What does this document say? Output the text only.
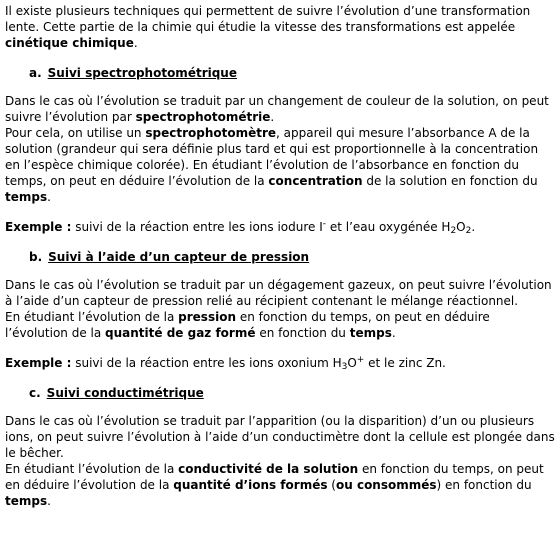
Il existe plusieurs techniques qui permettent de suivre l’évolution d’une transformation lente. Cette partie de la chimie qui étudie la vitesse des transformations est appelée cinétique chimique.

a. Suivi spectrophotométrique

Dans le cas où l’évolution se traduit par un changement de couleur de la solution, on peut suivre l’évolution par spectrophotométrie.

Pour cela, on utilise un spectrophotomètre, appareil qui mesure l’absorbance A de la solution (grandeur qui sera définie plus tard et qui est proportionnelle à la concentration en l’espèce chimique colorée). En étudiant l’évolution de l’absorbance en fonction du temps, on peut en déduire l’évolution de la concentration de la solution en fonction du temps.

Exemple : suivi de la réaction entre les ions iodure I- et l’eau oxygénée $H_2O_2$.

b. Suivi à l’aide d’un capteur de pression

Dans le cas où l’évolution se traduit par un dégagement gazeux, on peut suivre l’évolution à l’aide d’un capteur de pression relié au récipient contenant le mélange réactionnel.

En étudiant l’évolution de la pression en fonction du temps, on peut en déduire l’évolution de la quantité de gaz formé en fonction du temps.

Exemple : suivi de la réaction entre les ions oxonium $H_3O^+$ et le zinc Zn.

c. Suivi conductimétrique

Dans le cas où l’évolution se traduit par l’apparition (ou la disparition) d’un ou plusieurs ions, on peut suivre l’évolution à l’aide d’un conductimètre dont la cellule est plongée dans le bêcher.

En étudiant l’évolution de la conductivité de la solution en fonction du temps, on peut en déduire l’évolution de la quantité d’ions formés (ou consommés) en fonction du temps.
